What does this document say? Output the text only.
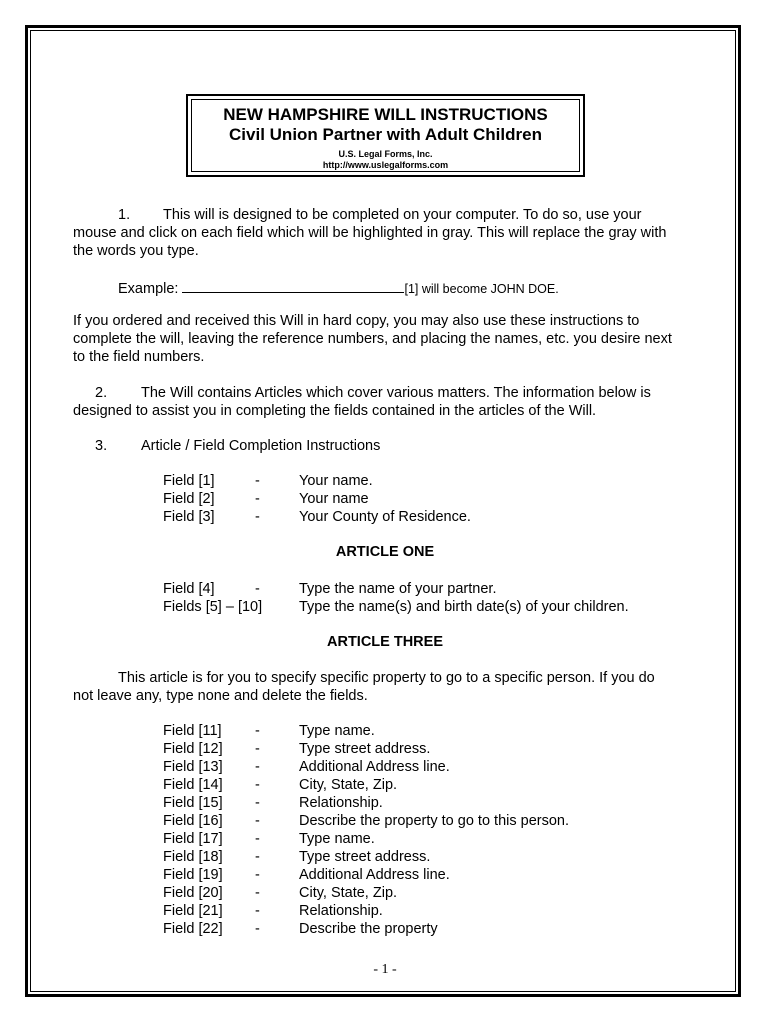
NEW HAMPSHIRE WILL INSTRUCTIONS
Civil Union Partner with Adult Children
U.S. Legal Forms, Inc.
http://www.uslegalforms.com
1. This will is designed to be completed on your computer. To do so, use your
mouse and click on each field which will be highlighted in gray. This will replace the gray with
the words you type.
Example:	[1] will become JOHN DOE.
If you ordered and received this Will in hard copy, you may also use these instructions to
complete the will, leaving the reference numbers, and placing the names, etc. you desire next
to the field numbers.
2. The Will contains Articles which cover various matters. The information below is
designed to assist you in completing the fields contained in the articles of the Will.
3. Article / Field Completion Instructions
Field [1]	-	Your name.
Field [2]	-	Your name
Field [3]	-	Your County of Residence.
ARTICLE ONE
Field [4]	-	Type the name of your partner.
Fields [5] – [10]	Type the name(s) and birth date(s) of your children.
ARTICLE THREE
This article is for you to specify specific property to go to a specific person. If you do
not leave any, type none and delete the fields.
Field [11] -	Type name.
Field [12] -	Type street address.
Field [13] -	Additional Address line.
Field [14] -	City, State, Zip.
Field [15] -	Relationship.
Field [16] -	Describe the property to go to this person.
Field [17] -	Type name.
Field [18] -	Type street address.
Field [19] -	Additional Address line.
Field [20] -	City, State, Zip.
Field [21] -	Relationship.
Field [22] -	Describe the property
- 1 -
